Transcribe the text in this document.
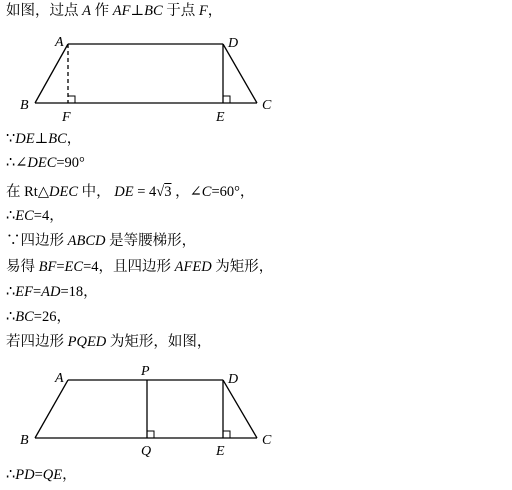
如图，过点 A 作 AF⊥BC 于点 F，
A	D
B
F	E
C
∵DE⊥BC，
∴∠DEC=90°
在 Rt△DEC 中， DE = 4√3 ，∠C=60°，
∴EC=4，
∵四边形 ABCD 是等腰梯形，
易得 BF=EC=4，且四边形 AFED 为矩形，
∴EF=AD=18，
∴BC=26，
若四边形 PQED 为矩形，如图，
A	P
D
B
Q	E
C
∴PD=QE，
